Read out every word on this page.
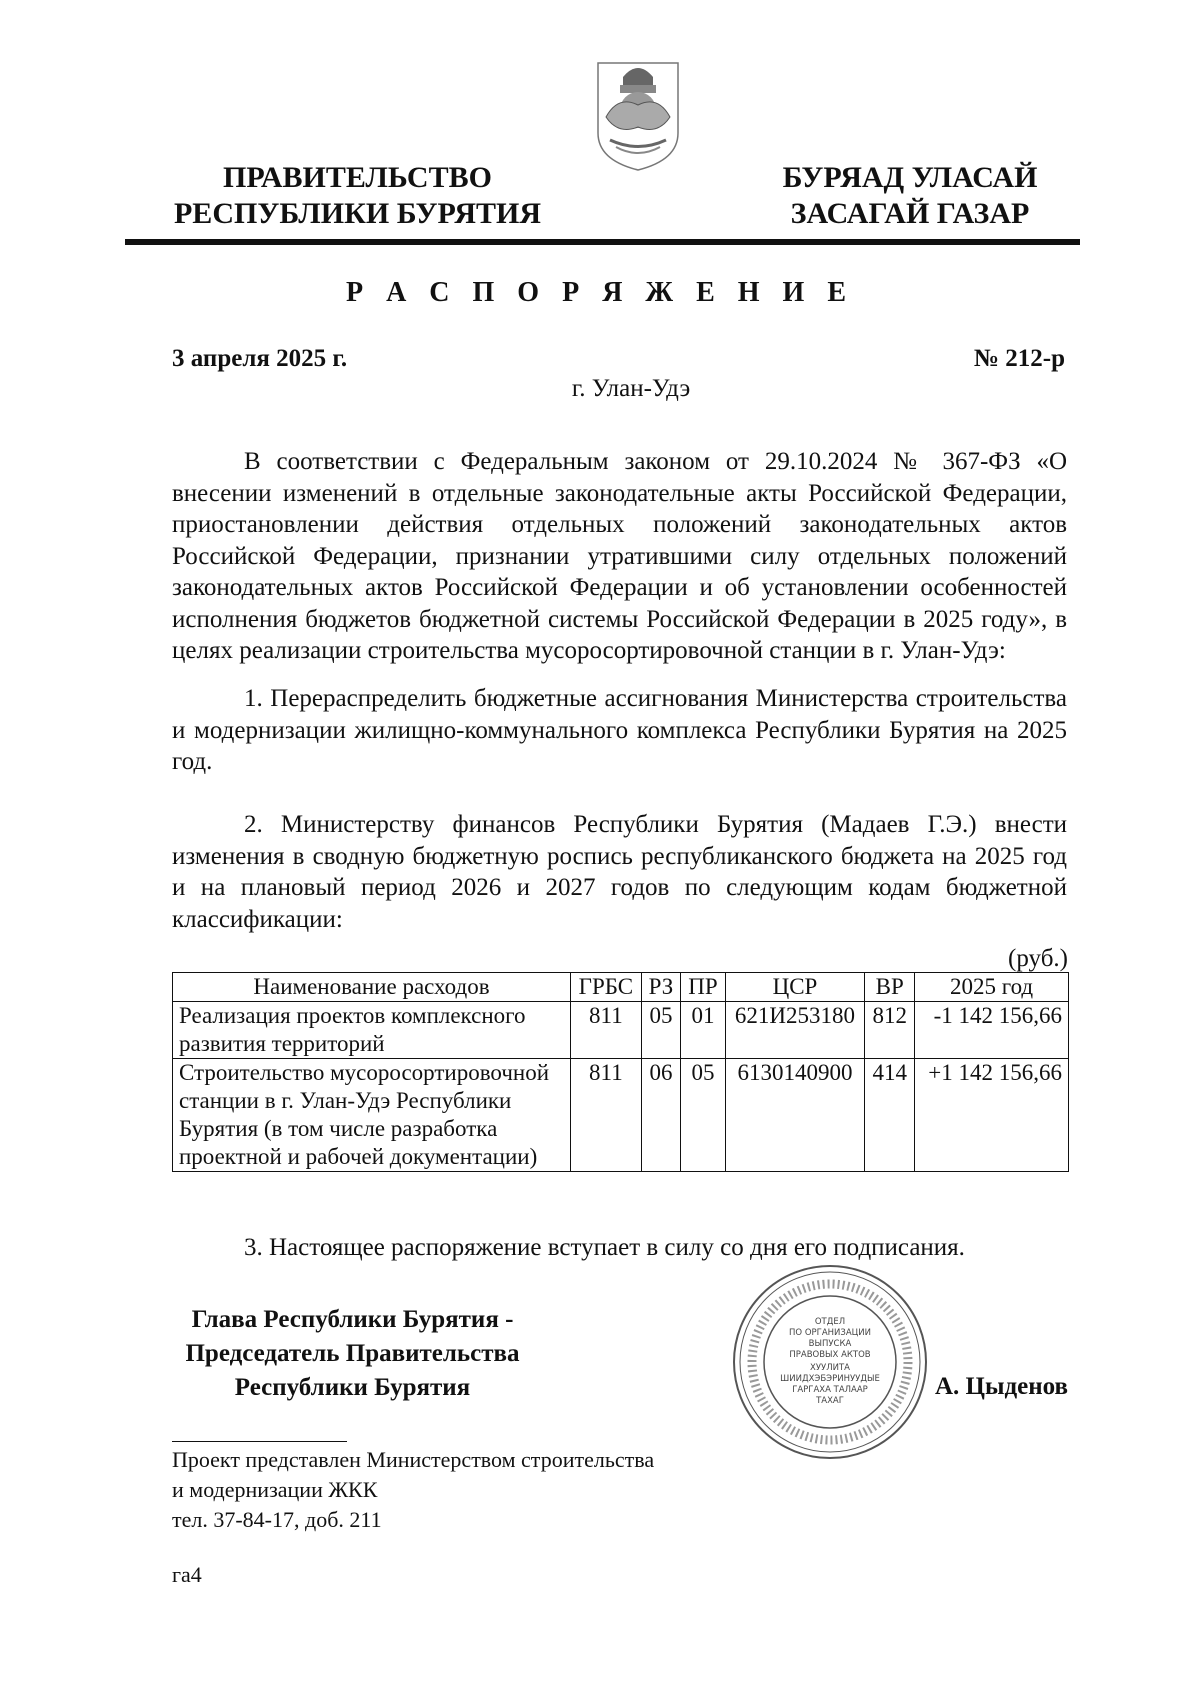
ПРАВИТЕЛЬСТВО
РЕСПУБЛИКИ БУРЯТИЯ
БУРЯАД УЛАСАЙ
ЗАСАГАЙ ГАЗАР
Р А С П О Р Я Ж Е Н И Е
3 апреля 2025 г.	№ 212-р
г. Улан-Удэ
В соответствии с Федеральным законом от 29.10.2024 № 367-ФЗ «О внесении изменений в отдельные законодательные акты Российской Федерации, приостановлении действия отдельных положений законодательных актов Российской Федерации, признании утратившими силу отдельных положений законодательных актов Российской Федерации и об установлении особенностей исполнения бюджетов бюджетной системы Российской Федерации в 2025 году», в целях реализации строительства мусоросортировочной станции в г. Улан-Удэ:
1. Перераспределить бюджетные ассигнования Министерства строительства и модернизации жилищно-коммунального комплекса Республики Бурятия на 2025 год.
2. Министерству финансов Республики Бурятия (Мадаев Г.Э.) внести изменения в сводную бюджетную роспись республиканского бюджета на 2025 год и на плановый период 2026 и 2027 годов по следующим кодам бюджетной классификации:
(руб.)
Наименование расходов	ГРБС	РЗ	ПР	ЦСР	ВР	2025 год
Реализация проектов комплексного развития территорий	811	05	01	621И253180	812	-1 142 156,66
Строительство мусоросортировочной станции в г. Улан-Удэ Республики Бурятия (в том числе разработка проектной и рабочей документации)	811	06	05	6130140900	414	+1 142 156,66
3. Настоящее распоряжение вступает в силу со дня его подписания.
Глава Республики Бурятия -
Председатель Правительства
Республики Бурятия
ОТДЕЛ
ПО ОРГАНИЗАЦИИ
ВЫПУСКА
ПРАВОВЫХ АКТОВ
ХУУЛИТА
ШИИДХЭБЭРИНУУДЫЕ
ГАРГАХА ТАЛААР
ТАХАГ
А. Цыденов
Проект представлен Министерством строительства
и модернизации ЖКК
тел. 37-84-17, доб. 211
га4
